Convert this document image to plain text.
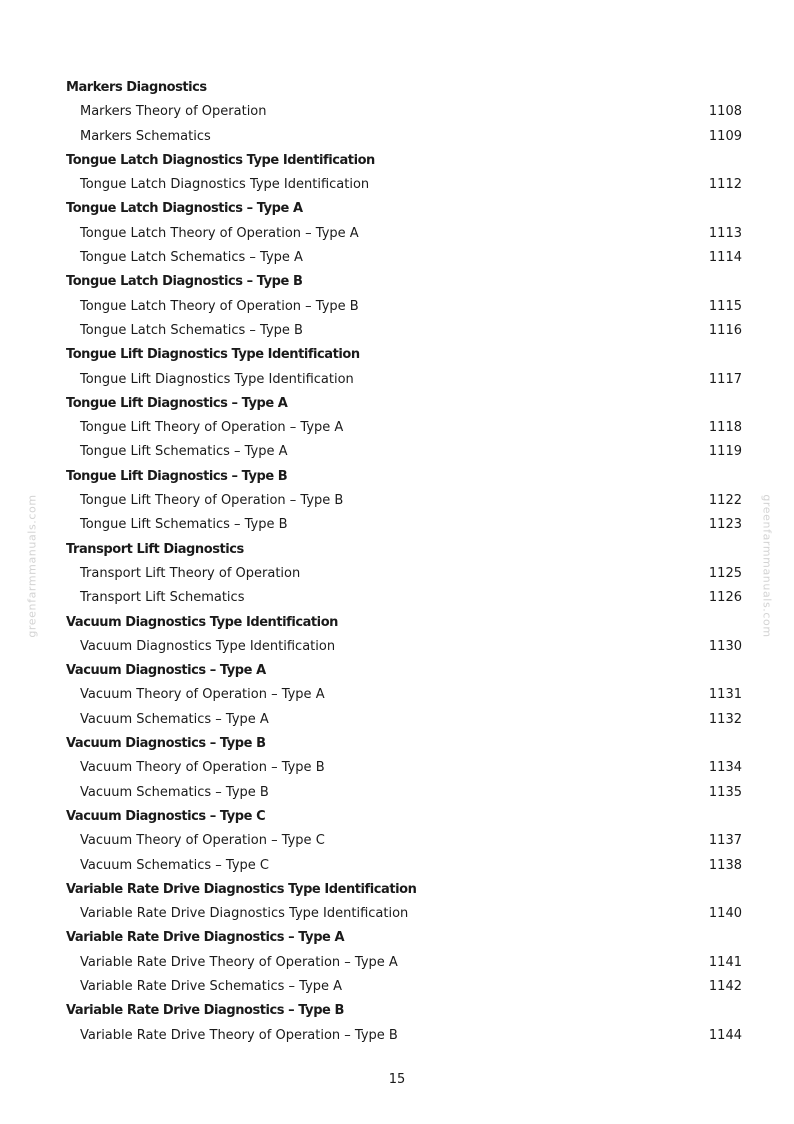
Markers Diagnostics
Markers Theory of Operation	1108
Markers Schematics	1109
Tongue Latch Diagnostics Type Identification
Tongue Latch Diagnostics Type Identification	1112
Tongue Latch Diagnostics – Type A
Tongue Latch Theory of Operation – Type A	1113
Tongue Latch Schematics – Type A	1114
Tongue Latch Diagnostics – Type B
Tongue Latch Theory of Operation – Type B	1115
Tongue Latch Schematics – Type B	1116
Tongue Lift Diagnostics Type Identification
Tongue Lift Diagnostics Type Identification	1117
Tongue Lift Diagnostics – Type A
Tongue Lift Theory of Operation – Type A	1118
Tongue Lift Schematics – Type A	1119
Tongue Lift Diagnostics – Type B
Tongue Lift Theory of Operation – Type B	1122
Tongue Lift Schematics – Type B	1123
Transport Lift Diagnostics
Transport Lift Theory of Operation	1125
Transport Lift Schematics	1126
Vacuum Diagnostics Type Identification
Vacuum Diagnostics Type Identification	1130
Vacuum Diagnostics – Type A
Vacuum Theory of Operation – Type A	1131
Vacuum Schematics – Type A	1132
Vacuum Diagnostics – Type B
Vacuum Theory of Operation – Type B	1134
Vacuum Schematics – Type B	1135
Vacuum Diagnostics – Type C
Vacuum Theory of Operation – Type C	1137
Vacuum Schematics – Type C	1138
Variable Rate Drive Diagnostics Type Identification
Variable Rate Drive Diagnostics Type Identification	1140
Variable Rate Drive Diagnostics – Type A
Variable Rate Drive Theory of Operation – Type A	1141
Variable Rate Drive Schematics – Type A	1142
Variable Rate Drive Diagnostics – Type B
Variable Rate Drive Theory of Operation – Type B	1144
greenfarmmanuals.com	greenfarmmanuals.com
15
